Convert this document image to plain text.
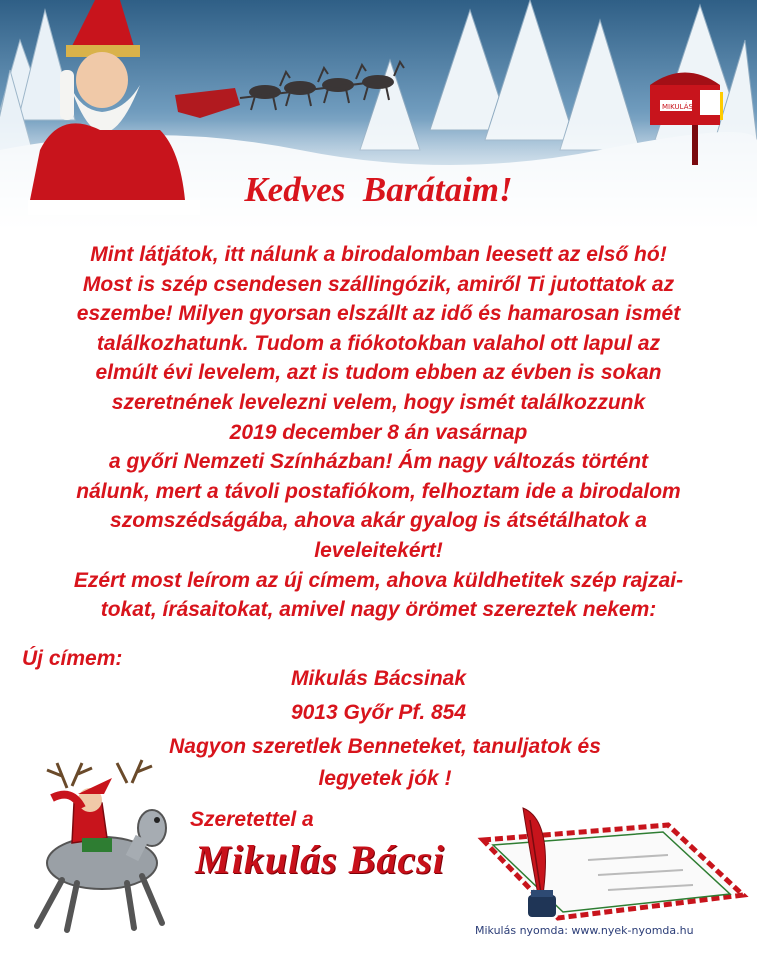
MIKULÁS
Kedves  Barátaim!
Mint látjátok, itt nálunk a birodalomban leesett az első hó!
Most is szép csendesen szállingózik, amiről Ti jutottatok az
eszembe! Milyen gyorsan elszállt az idő és hamarosan ismét
találkozhatunk. Tudom a fiókotokban valahol ott lapul az
elmúlt évi levelem, azt is tudom ebben az évben is sokan
szeretnének levelezni velem, hogy ismét találkozzunk
2019 december 8 án vasárnap
a győri Nemzeti Színházban! Ám nagy változás történt
nálunk, mert a távoli postafiókom, felhoztam ide a birodalom
szomszédságába, ahova akár gyalog is átsétálhatok a
leveleitekért!
Ezért most leírom az új címem, ahova küldhetitek szép rajzai-
tokat, írásaitokat, amivel nagy örömet szereztek nekem:
Új címem:
Mikulás Bácsinak
9013 Győr Pf. 854
Nagyon szeretlek Benneteket, tanuljatok és
legyetek jók !
Szeretettel a
Mikulás Bácsi
Mikulás nyomda: www.nyek-nyomda.hu
